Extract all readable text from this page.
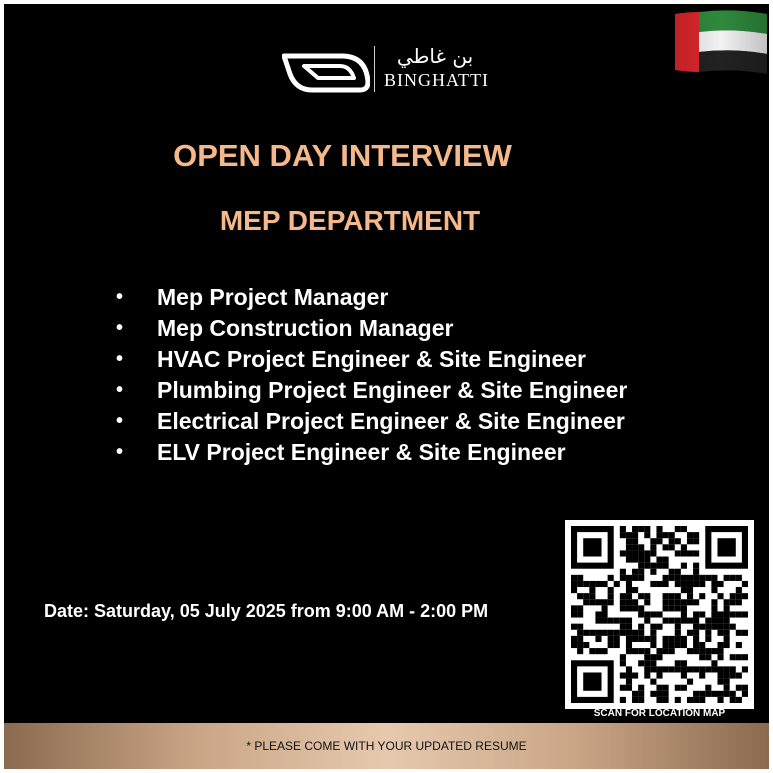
بن غاطي
BINGHATTI
OPEN DAY INTERVIEW
MEP DEPARTMENT
• Mep Project Manager
• Mep Construction Manager
• HVAC Project Engineer & Site Engineer
• Plumbing Project Engineer & Site Engineer
• Electrical Project Engineer & Site Engineer
• ELV Project Engineer & Site Engineer
Date: Saturday, 05 July 2025 from 9:00 AM - 2:00 PM
SCAN FOR LOCATION MAP
* PLEASE COME WITH YOUR UPDATED RESUME
